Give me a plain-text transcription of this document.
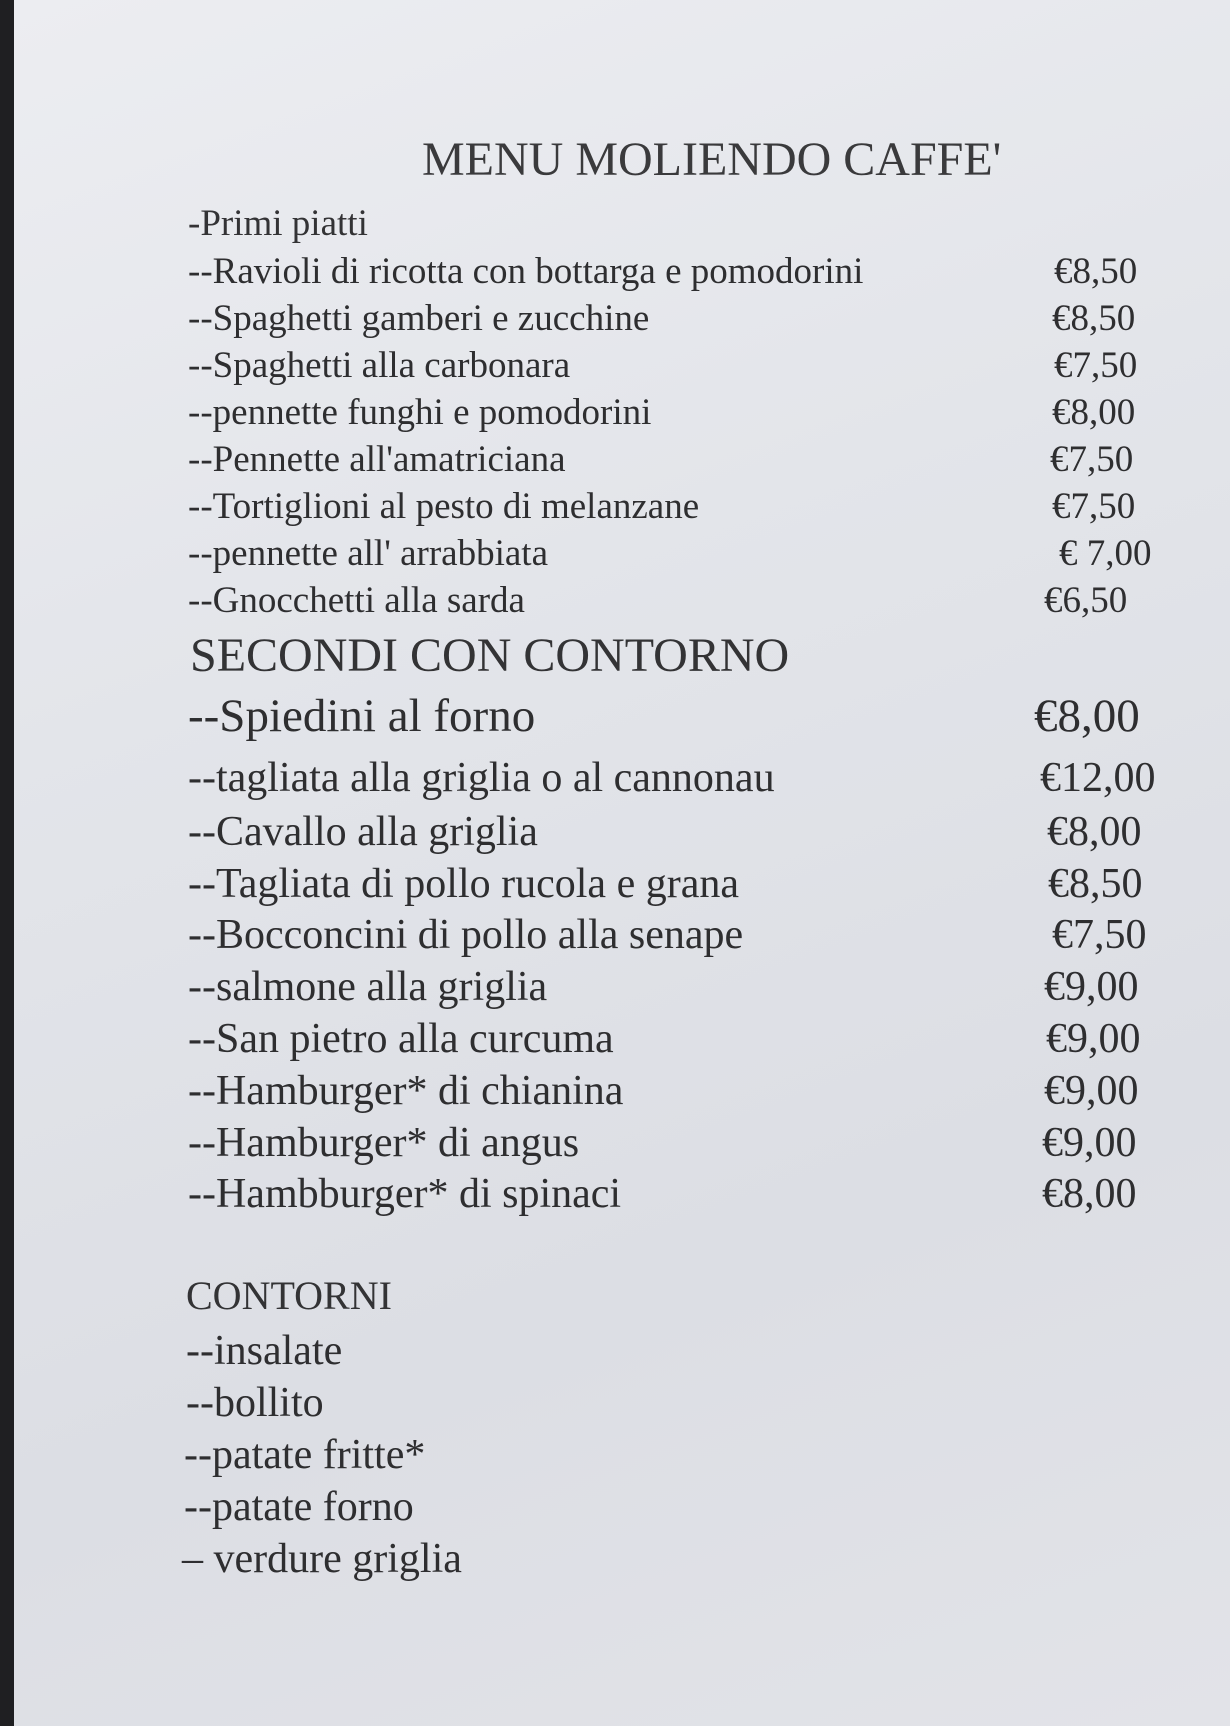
MENU MOLIENDO CAFFE'
-Primi piatti
--Ravioli di ricotta con bottarga e pomodorini	€8,50
--Spaghetti gamberi e zucchine	€8,50
--Spaghetti alla carbonara	€7,50
--pennette funghi e pomodorini	€8,00
--Pennette all'amatriciana	€7,50
--Tortiglioni al pesto di melanzane	€7,50
--pennette all' arrabbiata	€ 7,00
--Gnocchetti alla sarda	€6,50
SECONDI CON CONTORNO
--Spiedini al forno	€8,00
--tagliata alla griglia o al cannonau	€12,00
--Cavallo alla griglia	€8,00
--Tagliata di pollo rucola e grana	€8,50
--Bocconcini di pollo alla senape	€7,50
--salmone alla griglia	€9,00
--San pietro alla curcuma	€9,00
--Hamburger* di chianina	€9,00
--Hamburger* di angus	€9,00
--Hambburger* di spinaci	€8,00
CONTORNI
--insalate
--bollito
--patate fritte*
--patate forno
– verdure griglia
